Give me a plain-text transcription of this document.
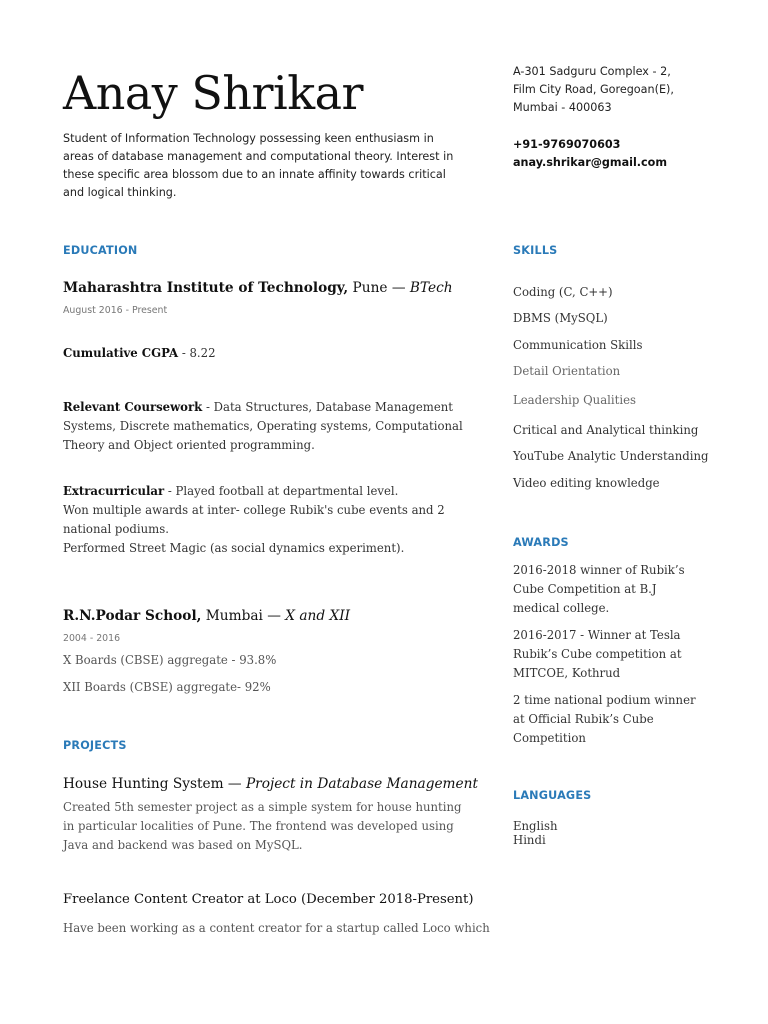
Anay Shrikar
Student of Information Technology possessing keen enthusiasm in areas of database management and computational theory. Interest in these specific area blossom due to an innate affinity towards critical and logical thinking.
A-301 Sadguru Complex - 2,
Film City Road, Goregoan(E),
Mumbai - 400063
+91-9769070603
anay.shrikar@gmail.com
EDUCATION
Maharashtra Institute of Technology, Pune — BTech
August 2016 - Present
Cumulative CGPA - 8.22
Relevant Coursework - Data Structures, Database Management Systems, Discrete mathematics, Operating systems, Computational Theory and Object oriented programming.
Extracurricular - Played football at departmental level.
Won multiple awards at inter- college Rubik's cube events and 2 national podiums.
Performed Street Magic (as social dynamics experiment).
R.N.Podar School, Mumbai — X and XII
2004 - 2016
X Boards (CBSE) aggregate - 93.8%
XII Boards (CBSE) aggregate- 92%
PROJECTS
House Hunting System — Project in Database Management
Created 5th semester project as a simple system for house hunting in particular localities of Pune. The frontend was developed using Java and backend was based on MySQL.
Freelance Content Creator at Loco (December 2018-Present)
Have been working as a content creator for a startup called Loco which
SKILLS
Coding (C, C++)
DBMS (MySQL)
Communication Skills
Detail Orientation
Leadership Qualities
Critical and Analytical thinking
YouTube Analytic Understanding
Video editing knowledge
AWARDS
2016-2018 winner of Rubik’s Cube Competition at B.J medical college.
2016-2017 - Winner at Tesla Rubik’s Cube competition at MITCOE, Kothrud
2 time national podium winner at Official Rubik’s Cube Competition
LANGUAGES
English
Hindi
